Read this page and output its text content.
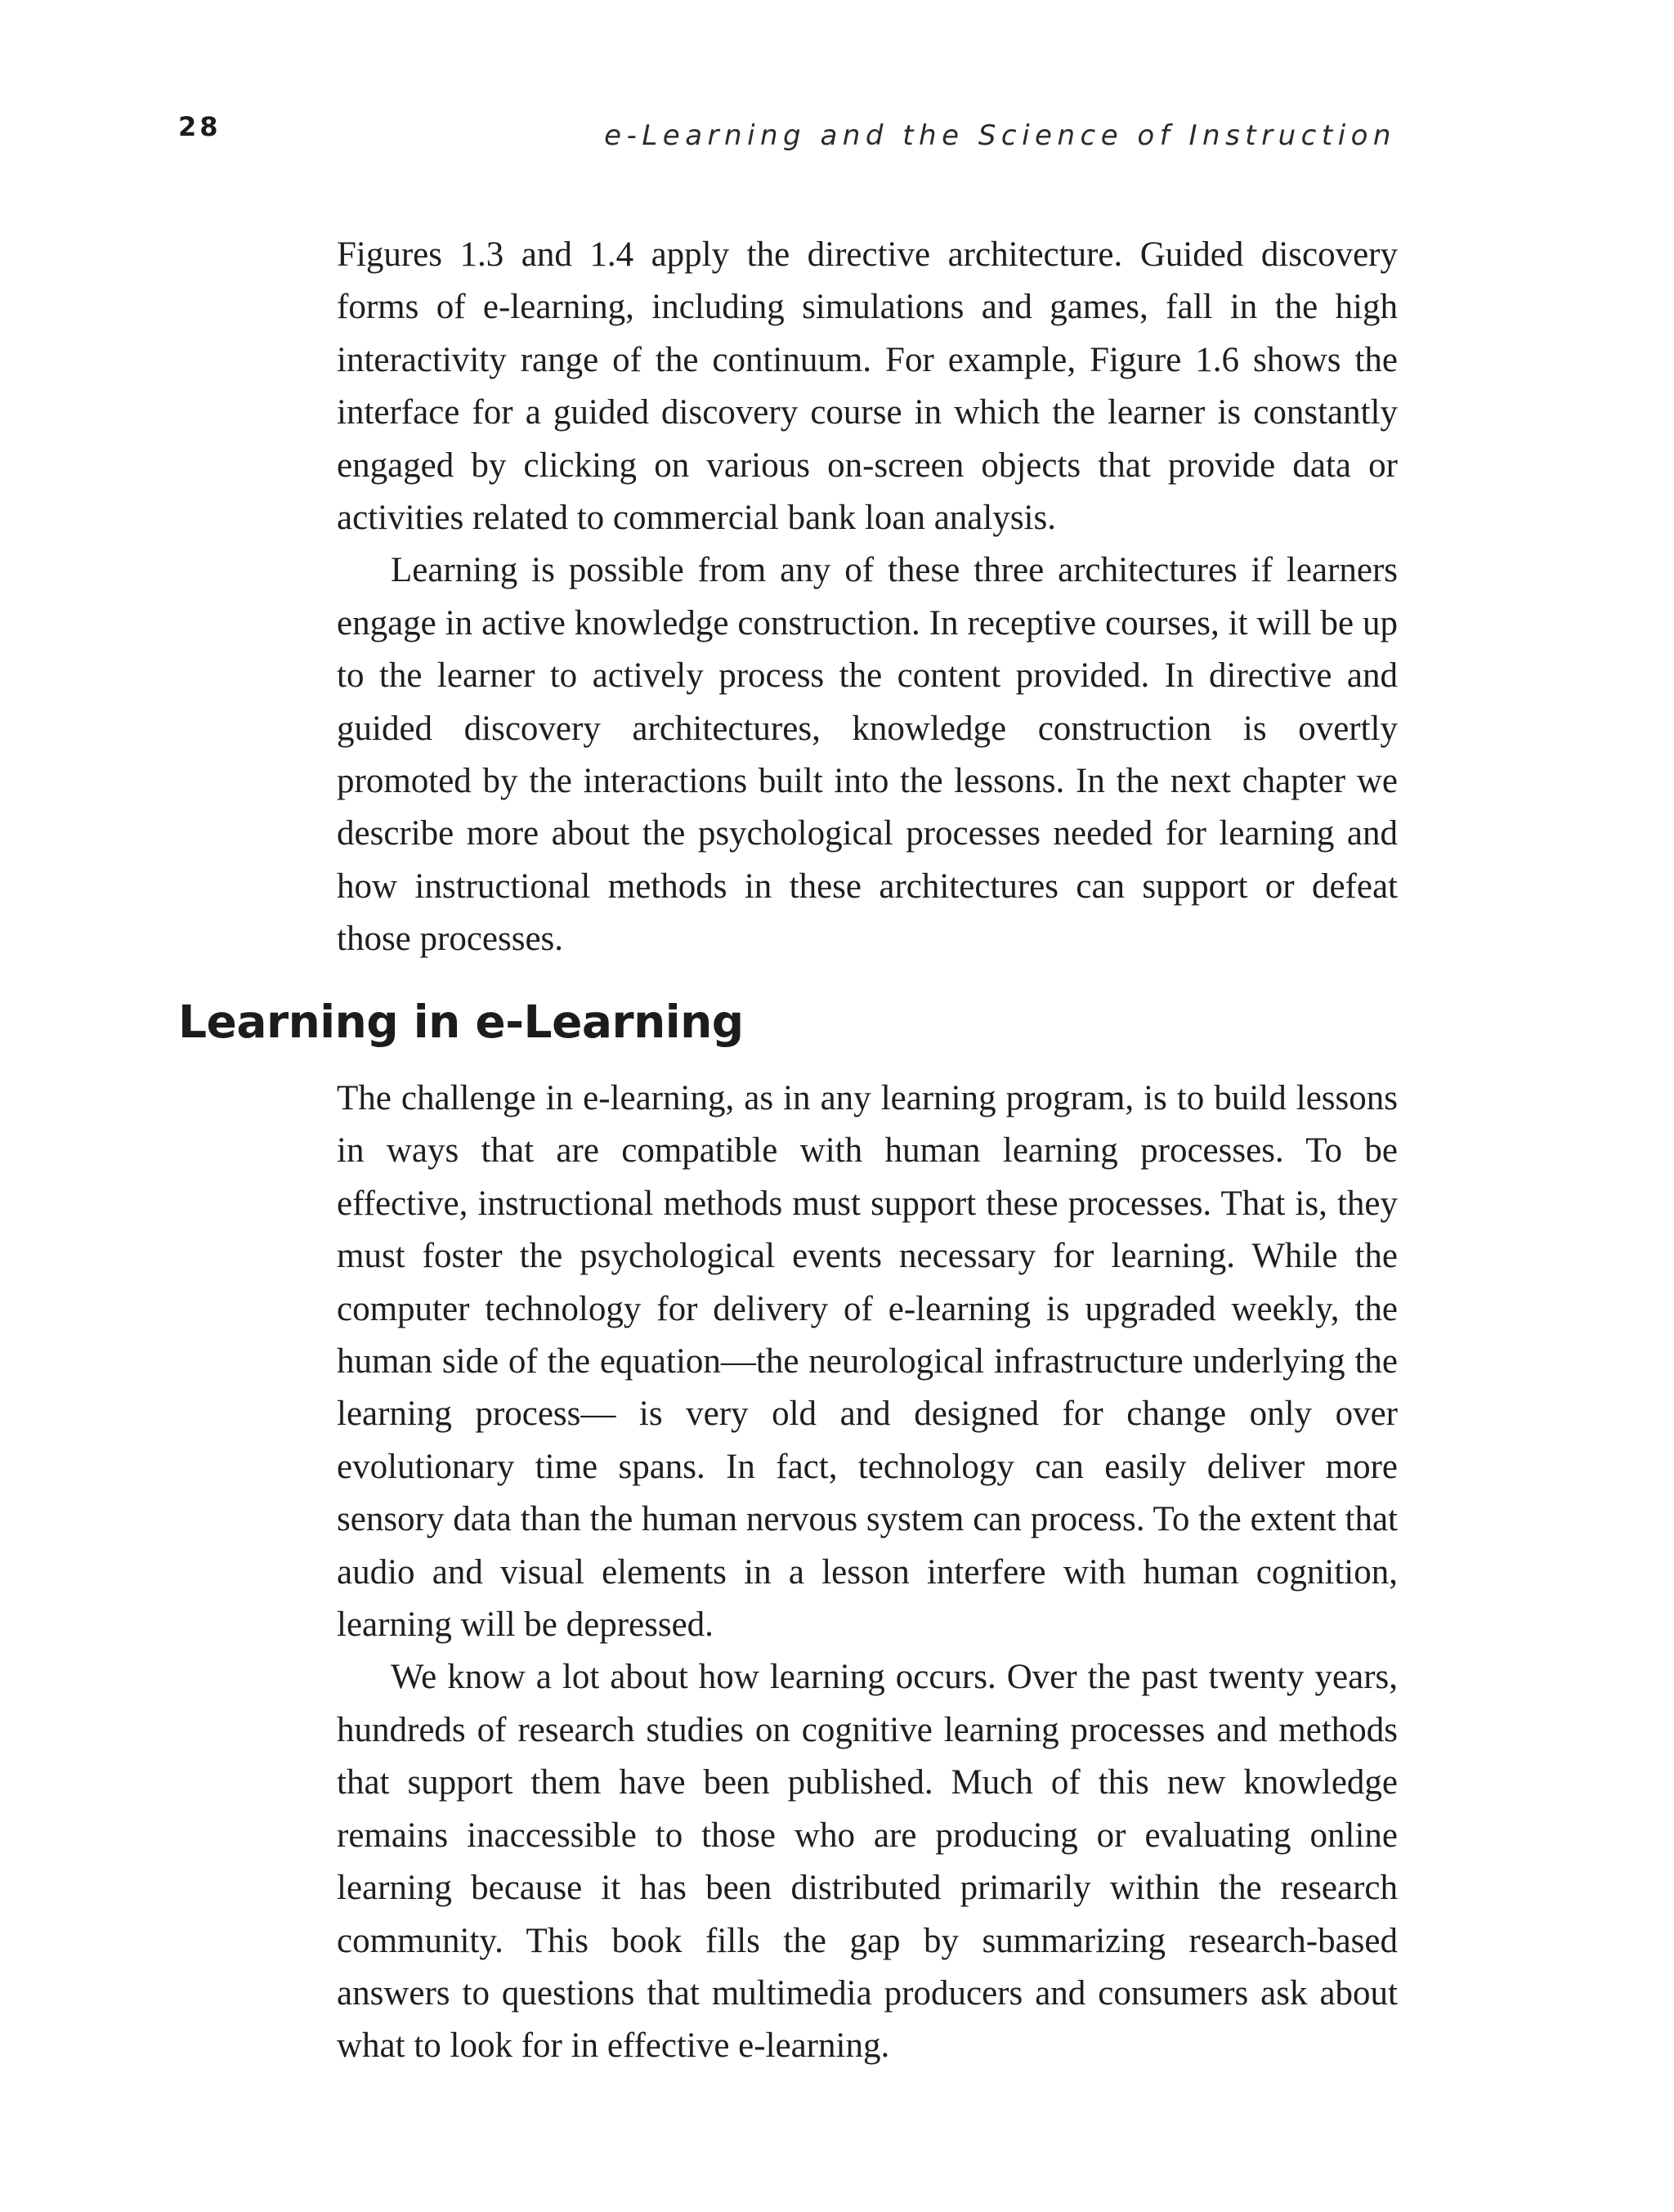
28	e-Learning and the Science of Instruction

Figures 1.3 and 1.4 apply the directive architecture. Guided discovery forms of e-learning, including simulations and games, fall in the high interactivity range of the continuum. For example, Figure 1.6 shows the interface for a guided discovery course in which the learner is constantly engaged by clicking on various on-screen objects that provide data or activities related to commercial bank loan analysis.

Learning is possible from any of these three architectures if learners engage in active knowledge construction. In receptive courses, it will be up to the learner to actively process the content provided. In directive and guided discovery architectures, knowledge construction is overtly promoted by the interactions built into the lessons. In the next chapter we describe more about the psychological processes needed for learning and how instructional methods in these architectures can support or defeat those processes.

Learning in e-Learning

The challenge in e-learning, as in any learning program, is to build lessons in ways that are compatible with human learning processes. To be effective, instructional methods must support these processes. That is, they must foster the psychological events necessary for learning. While the computer technology for delivery of e-learning is upgraded weekly, the human side of the equation—the neurological infrastructure underlying the learning process— is very old and designed for change only over evolutionary time spans. In fact, technology can easily deliver more sensory data than the human nervous system can process. To the extent that audio and visual elements in a lesson interfere with human cognition, learning will be depressed.

We know a lot about how learning occurs. Over the past twenty years, hundreds of research studies on cognitive learning processes and methods that support them have been published. Much of this new knowledge remains inaccessible to those who are producing or evaluating online learning because it has been distributed primarily within the research community. This book fills the gap by summarizing research-based answers to questions that multimedia producers and consumers ask about what to look for in effective e-learning.
